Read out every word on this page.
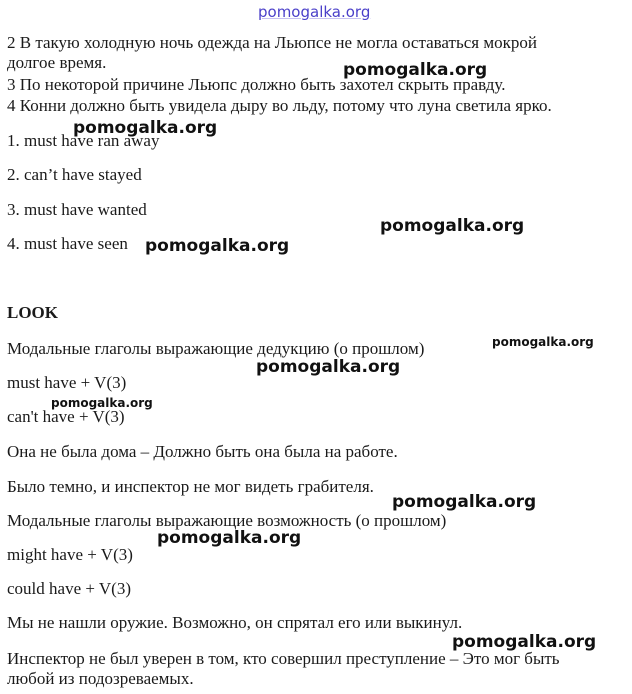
pomogalka.org
2 В такую холодную ночь одежда на Льюпсе не могла оставаться мокрой
долгое время.
3 По некоторой причине Льюпс должно быть захотел скрыть правду.
4 Конни должно быть увидела дыру во льду, потому что луна светила ярко.
1. must have ran away
2. can’t have stayed
3. must have wanted
4. must have seen
LOOK
Модальные глаголы выражающие дедукцию (о прошлом)
must have + V(3)
can't have + V(3)
Она не была дома – Должно быть она была на работе.
Было темно, и инспектор не мог видеть грабителя.
Модальные глаголы выражающие возможность (о прошлом)
might have + V(3)
could have + V(3)
Мы не нашли оружие. Возможно, он спрятал его или выкинул.
Инспектор не был уверен в том, кто совершил преступление – Это мог быть
любой из подозреваемых.
pomogalka.org
pomogalka.org
pomogalka.org
pomogalka.org
pomogalka.org
pomogalka.org
pomogalka.org
pomogalka.org
pomogalka.org
pomogalka.org
